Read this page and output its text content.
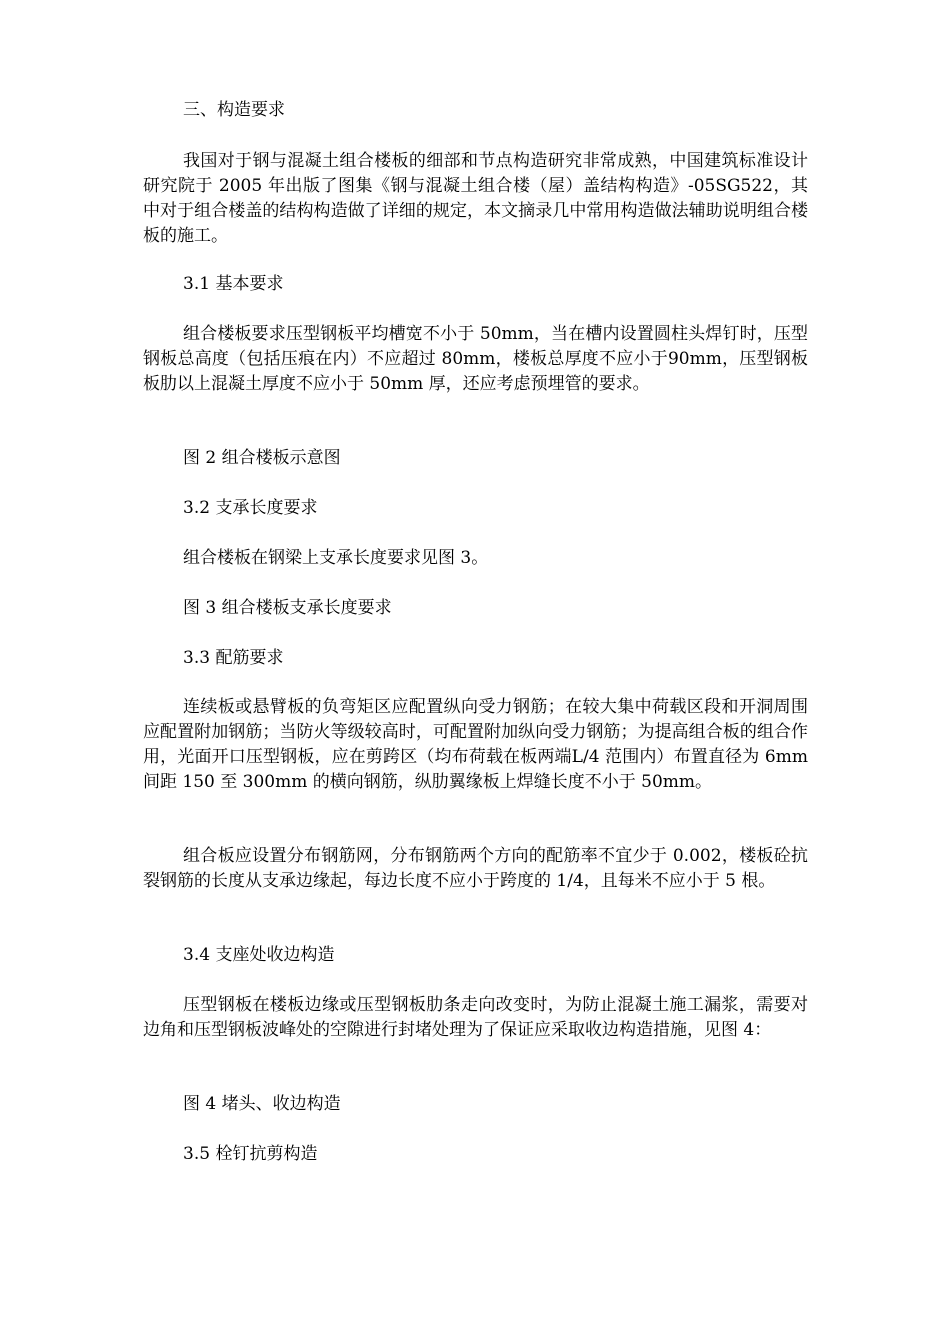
三、构造要求

我国对于钢与混凝土组合楼板的细部和节点构造研究非常成熟，中国建筑标准设计研究院于 2005 年出版了图集《钢与混凝土组合楼（屋）盖结构构造》-05SG522，其中对于组合楼盖的结构构造做了详细的规定，本文摘录几中常用构造做法辅助说明组合楼板的施工。

3.1 基本要求

组合楼板要求压型钢板平均槽宽不小于 50mm，当在槽内设置圆柱头焊钉时，压型钢板总高度（包括压痕在内）不应超过 80mm，楼板总厚度不应小于90mm，压型钢板板肋以上混凝土厚度不应小于 50mm 厚，还应考虑预埋管的要求。

图 2 组合楼板示意图

3.2 支承长度要求

组合楼板在钢梁上支承长度要求见图 3。

图 3 组合楼板支承长度要求

3.3 配筋要求

连续板或悬臂板的负弯矩区应配置纵向受力钢筋；在较大集中荷载区段和开洞周围应配置附加钢筋；当防火等级较高时，可配置附加纵向受力钢筋；为提高组合板的组合作用，光面开口压型钢板，应在剪跨区（均布荷载在板两端L/4 范围内）布置直径为 6mm 间距 150 至 300mm 的横向钢筋，纵肋翼缘板上焊缝长度不小于 50mm。

组合板应设置分布钢筋网，分布钢筋两个方向的配筋率不宜少于 0.002，楼板砼抗裂钢筋的长度从支承边缘起，每边长度不应小于跨度的 1/4，且每米不应小于 5 根。

3.4 支座处收边构造

压型钢板在楼板边缘或压型钢板肋条走向改变时，为防止混凝土施工漏浆，需要对边角和压型钢板波峰处的空隙进行封堵处理为了保证应采取收边构造措施，见图 4：

图 4 堵头、收边构造

3.5 栓钉抗剪构造
